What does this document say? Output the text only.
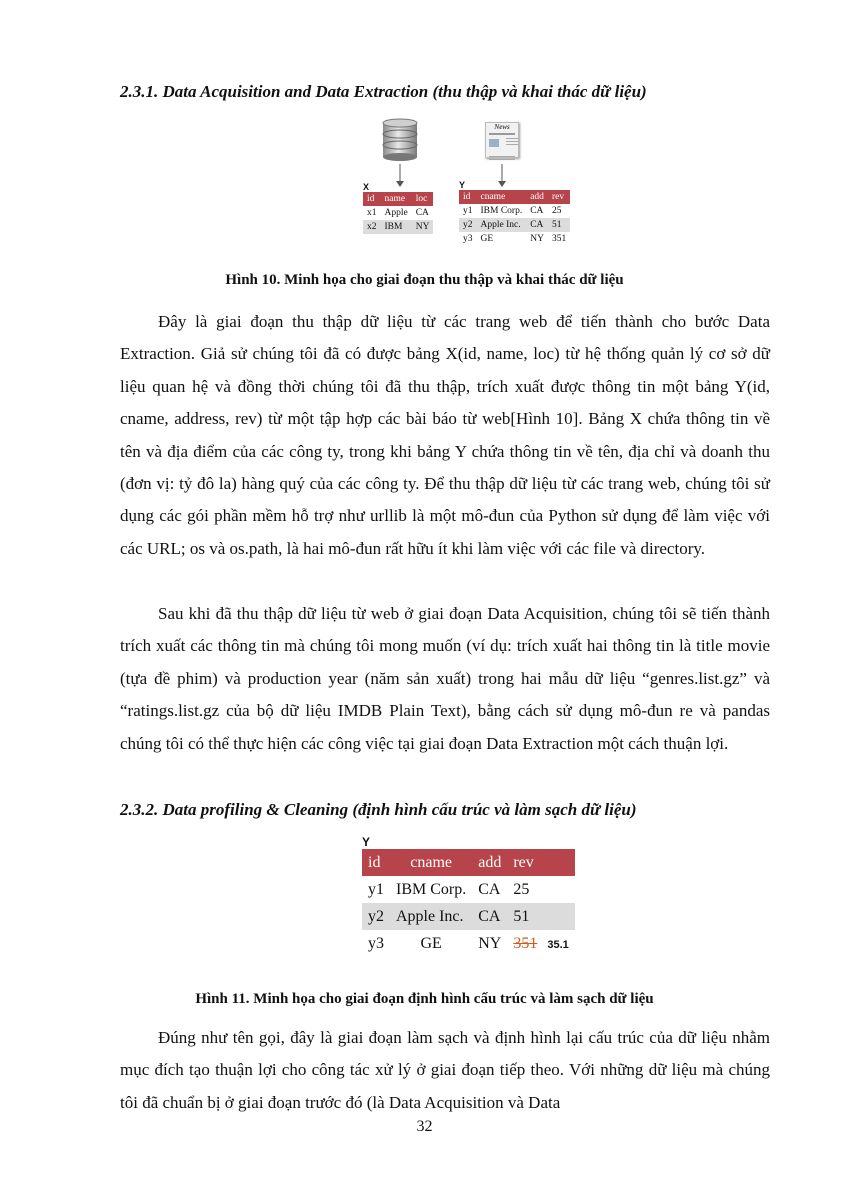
2.3.1. Data Acquisition and Data Extraction (thu thập và khai thác dữ liệu)
News

X
id	name	loc
x1	Apple	CA
x2	IBM	NY
Y
id	cname	add	rev
y1	IBM Corp.	CA	25
y2	Apple Inc.	CA	51
y3	GE	NY	351
Hình 10. Minh họa cho giai đoạn thu thập và khai thác dữ liệu

Đây là giai đoạn thu thập dữ liệu từ các trang web để tiến thành cho bước Data Extraction. Giả sử chúng tôi đã có được bảng X(id, name, loc) từ hệ thống quản lý cơ sở dữ liệu quan hệ và đồng thời chúng tôi đã thu thập, trích xuất được thông tin một bảng Y(id, cname, address, rev) từ một tập hợp các bài báo từ web[Hình 10]. Bảng X chứa thông tin về tên và địa điểm của các công ty, trong khi bảng Y chứa thông tin về tên, địa chỉ và doanh thu (đơn vị: tỷ đô la) hàng quý của các công ty. Để thu thập dữ liệu từ các trang web, chúng tôi sử dụng các gói phần mềm hỗ trợ như urllib là một mô-đun của Python sử dụng để làm việc với các URL; os và os.path, là hai mô-đun rất hữu ít khi làm việc với các file và directory.

Sau khi đã thu thập dữ liệu từ web ở giai đoạn Data Acquisition, chúng tôi sẽ tiến thành trích xuất các thông tin mà chúng tôi mong muốn (ví dụ: trích xuất hai thông tin là title movie (tựa đề phim) và production year (năm sản xuất) trong hai mẫu dữ liệu “genres.list.gz” và “ratings.list.gz của bộ dữ liệu IMDB Plain Text), bằng cách sử dụng mô-đun re và pandas chúng tôi có thể thực hiện các công việc tại giai đoạn Data Extraction một cách thuận lợi.

2.3.2. Data profiling & Cleaning (định hình cấu trúc và làm sạch dữ liệu)
Y
id	cname	add	rev
y1	IBM Corp.	CA	25
y2	Apple Inc.	CA	51
y3	GE	NY	351 35.1
Hình 11. Minh họa cho giai đoạn định hình cấu trúc và làm sạch dữ liệu

Đúng như tên gọi, đây là giai đoạn làm sạch và định hình lại cấu trúc của dữ liệu nhằm mục đích tạo thuận lợi cho công tác xử lý ở giai đoạn tiếp theo. Với những dữ liệu mà chúng tôi đã chuẩn bị ở giai đoạn trước đó (là Data Acquisition và Data

32
